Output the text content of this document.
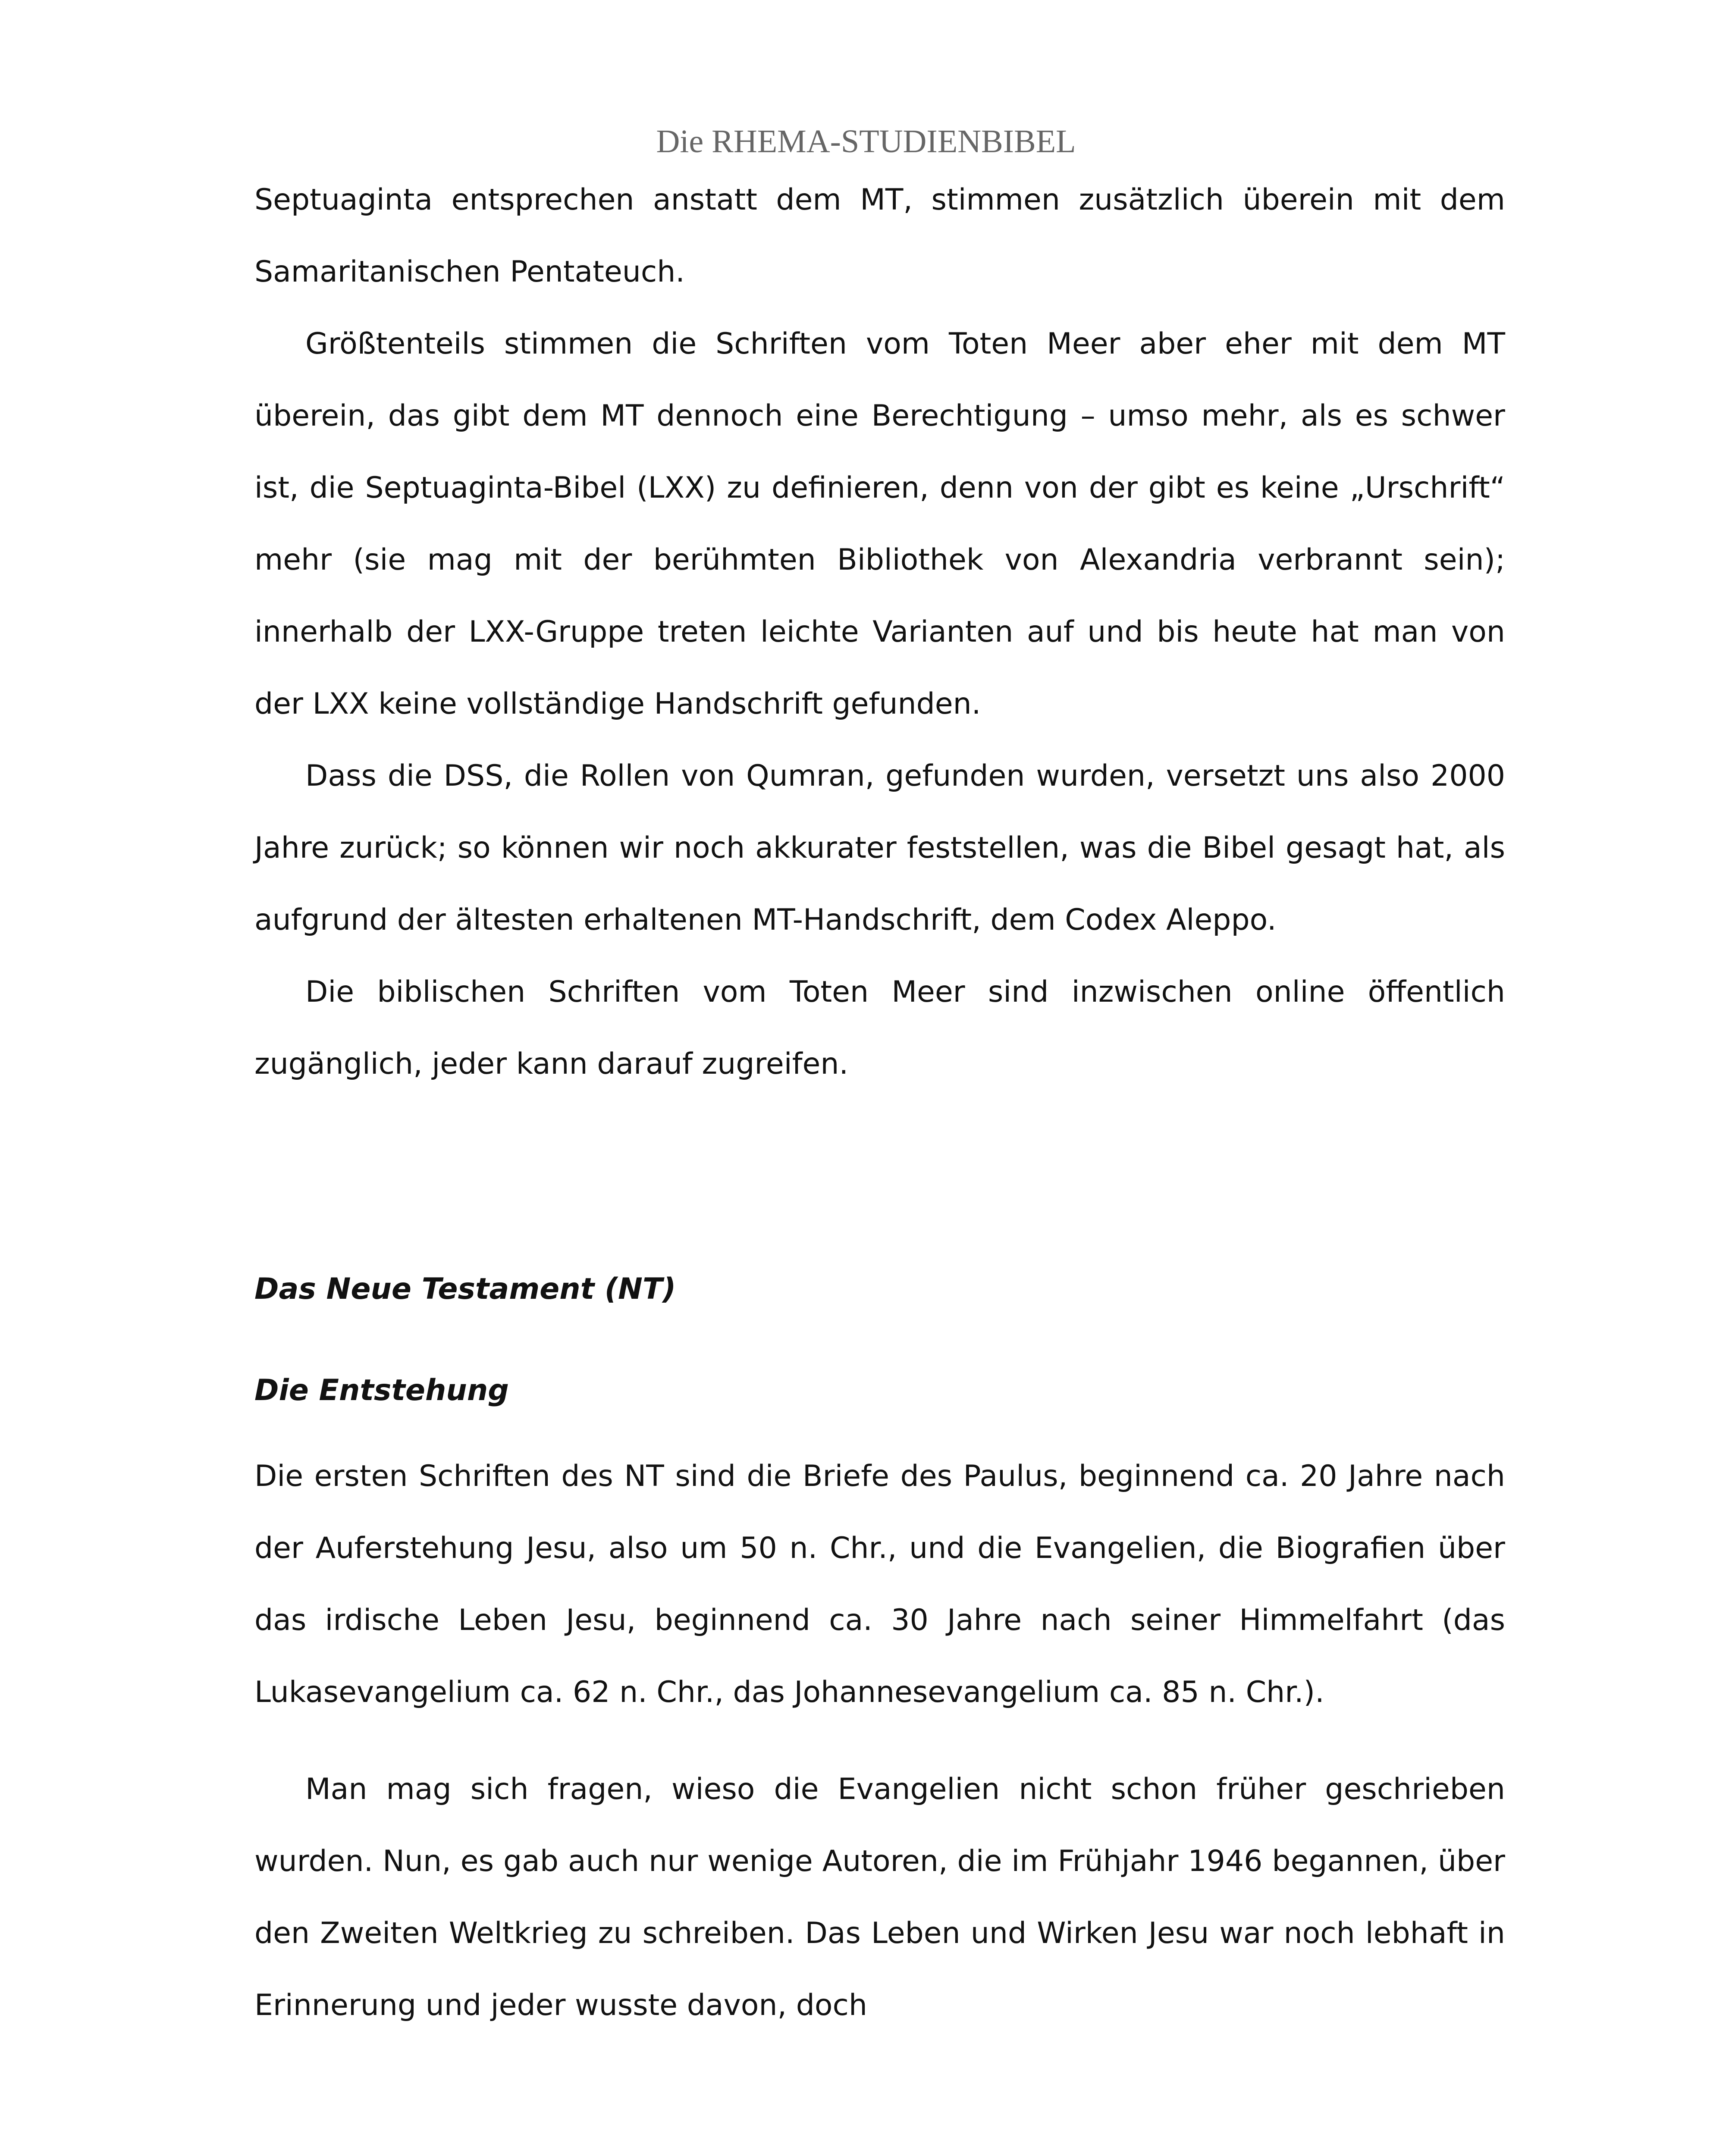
Die RHEMA-STUDIENBIBEL

Septuaginta entsprechen anstatt dem MT, stimmen zusätzlich überein mit dem Samaritanischen Pentateuch.

Größtenteils stimmen die Schriften vom Toten Meer aber eher mit dem MT überein, das gibt dem MT dennoch eine Berechtigung – umso mehr, als es schwer ist, die Septuaginta-Bibel (LXX) zu definieren, denn von der gibt es keine „Urschrift“ mehr (sie mag mit der berühmten Bibliothek von Alexandria verbrannt sein); innerhalb der LXX-Gruppe treten leichte Varianten auf und bis heute hat man von der LXX keine vollständige Handschrift gefunden.

Dass die DSS, die Rollen von Qumran, gefunden wurden, versetzt uns also 2000 Jahre zurück; so können wir noch akkurater feststellen, was die Bibel gesagt hat, als aufgrund der ältesten erhaltenen MT-Handschrift, dem Codex Aleppo.

Die biblischen Schriften vom Toten Meer sind inzwischen online öffentlich zugänglich, jeder kann darauf zugreifen.

Das Neue Testament (NT)
Die Entstehung

Die ersten Schriften des NT sind die Briefe des Paulus, beginnend ca. 20 Jahre nach der Auferstehung Jesu, also um 50 n. Chr., und die Evangelien, die Biografien über das irdische Leben Jesu, beginnend ca. 30 Jahre nach seiner Himmelfahrt (das Lukasevangelium ca. 62 n. Chr., das Johannesevangelium ca. 85 n. Chr.).

Man mag sich fragen, wieso die Evangelien nicht schon früher geschrieben wurden. Nun, es gab auch nur wenige Autoren, die im Frühjahr 1946 begannen, über den Zweiten Weltkrieg zu schreiben. Das Leben und Wirken Jesu war noch lebhaft in Erinnerung und jeder wusste davon, doch
